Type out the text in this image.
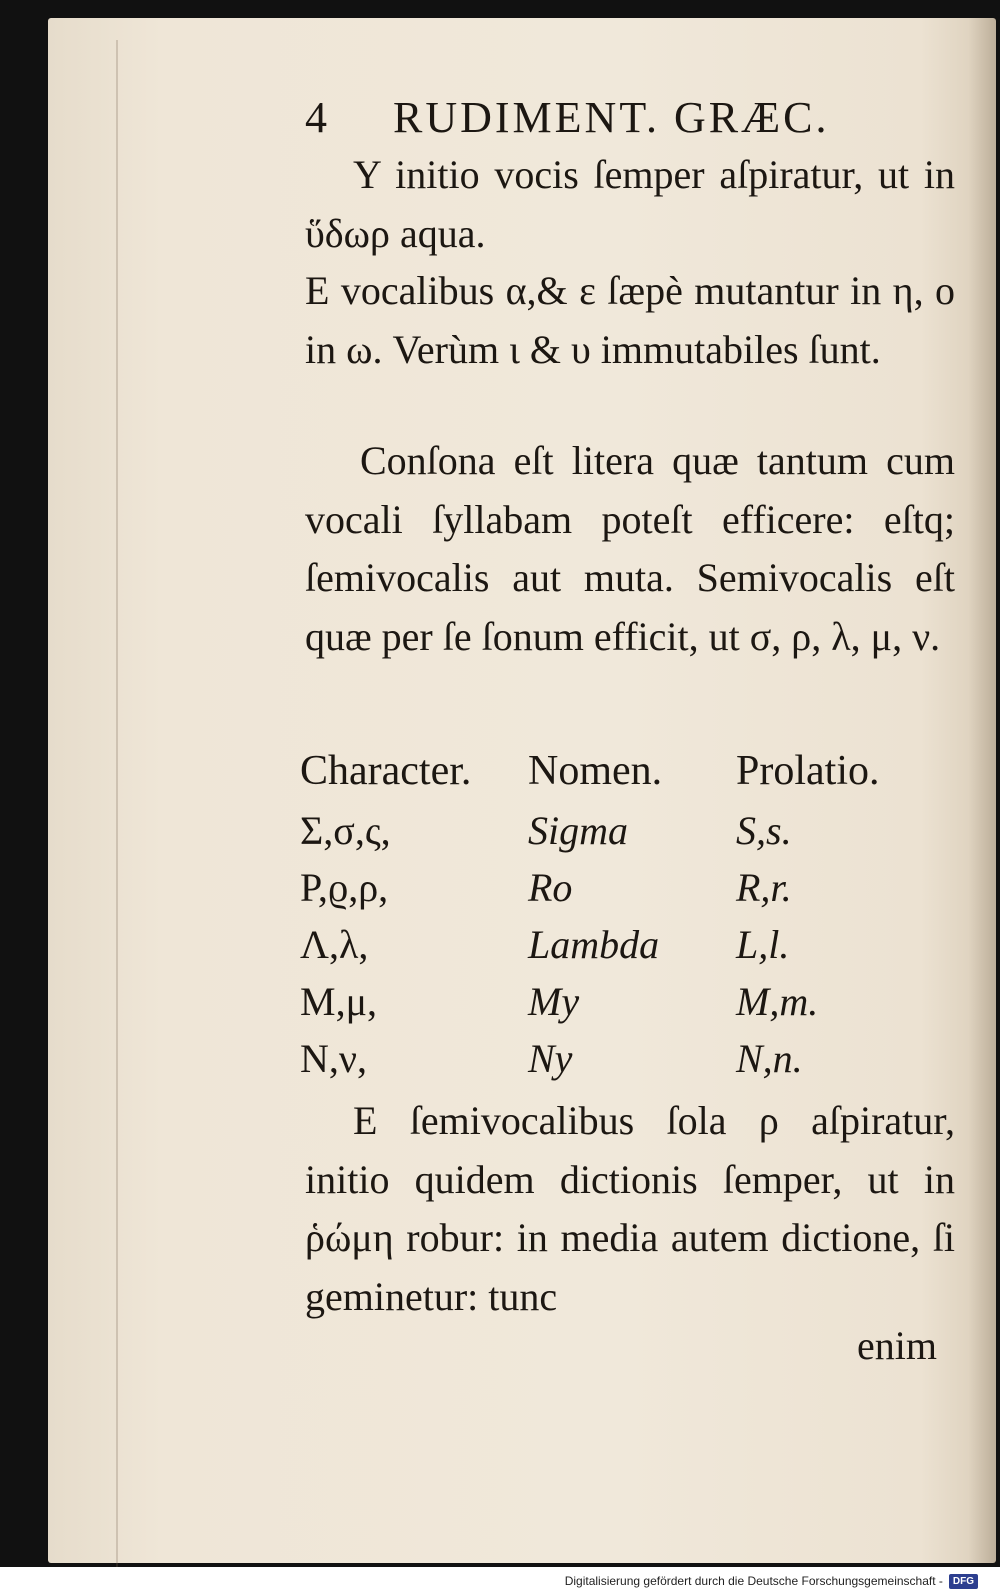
4 RUDIMENT. GRÆC.
Υ initio vocis ſemper aſpiratur, ut in ὕδωρ aqua.
E vocalibus α,& ε ſæpè mutantur in η, ο in ω. Verùm ι & υ immutabiles ſunt.
Conſona eſt litera quæ tantum cum vocali ſyllabam poteſt efficere: eſtq; ſemivocalis aut muta. Semivocalis eſt quæ per ſe ſonum efficit, ut σ, ρ, λ, μ, ν.
Character.	Nomen.	Prolatio.
Σ,σ,ς,	Sigma	S,s.
Ρ,ϱ,ρ,	Ro	R,r.
Λ,λ,	Lambda	L,l.
Μ,μ,	My	M,m.
Ν,ν,	Ny	N,n.
E ſemivocalibus ſola ρ aſpiratur, initio quidem dictionis ſemper, ut in ῥώμη robur: in media autem dictione, ſi geminetur: tunc
enim
Digitalisierung gefördert durch die Deutsche Forschungsgemeinschaft -	DFG
